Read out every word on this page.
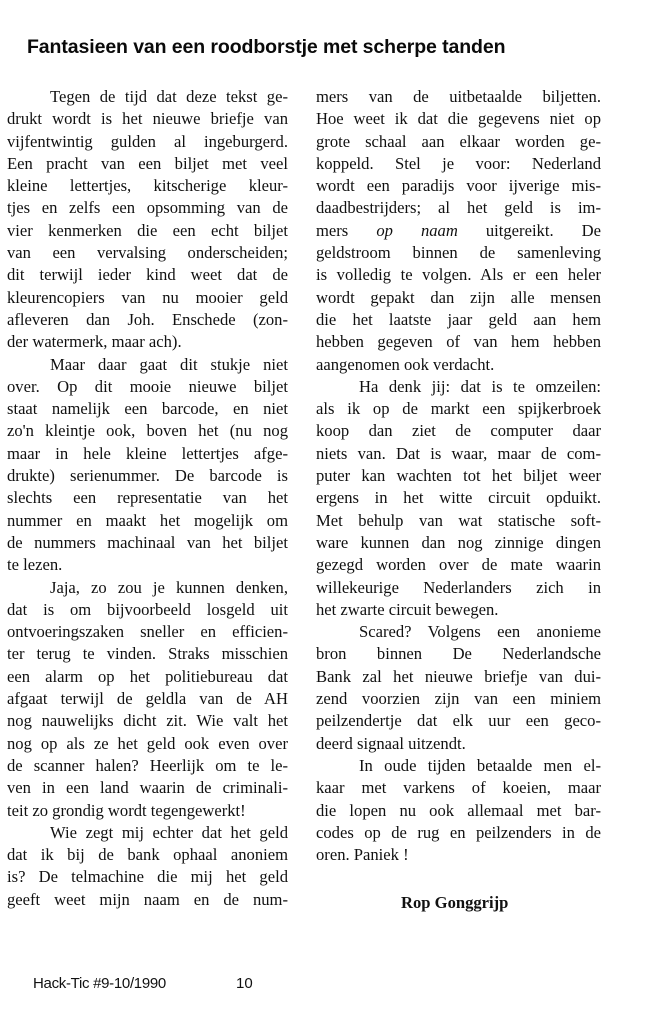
Fantasieen van een roodborstje met scherpe tanden
Tegen de tijd dat deze tekst ge-
drukt wordt is het nieuwe briefje van
vijfentwintig gulden al ingeburgerd.
Een pracht van een biljet met veel
kleine lettertjes, kitscherige kleur-
tjes en zelfs een opsomming van de
vier kenmerken die een echt biljet
van een vervalsing onderscheiden;
dit terwijl ieder kind weet dat de
kleurencopiers van nu mooier geld
afleveren dan Joh. Enschede (zon-
der watermerk, maar ach).
Maar daar gaat dit stukje niet
over. Op dit mooie nieuwe biljet
staat namelijk een barcode, en niet
zo'n kleintje ook, boven het (nu nog
maar in hele kleine lettertjes afge-
drukte) serienummer. De barcode is
slechts een representatie van het
nummer en maakt het mogelijk om
de nummers machinaal van het biljet
te lezen.
Jaja, zo zou je kunnen denken,
dat is om bijvoorbeeld losgeld uit
ontvoeringszaken sneller en efficien-
ter terug te vinden. Straks misschien
een alarm op het politiebureau dat
afgaat terwijl de geldla van de AH
nog nauwelijks dicht zit. Wie valt het
nog op als ze het geld ook even over
de scanner halen? Heerlijk om te le-
ven in een land waarin de criminali-
teit zo grondig wordt tegengewerkt!
Wie zegt mij echter dat het geld
dat ik bij de bank ophaal anoniem
is? De telmachine die mij het geld
geeft weet mijn naam en de num-
mers van de uitbetaalde biljetten.
Hoe weet ik dat die gegevens niet op
grote schaal aan elkaar worden ge-
koppeld. Stel je voor: Nederland
wordt een paradijs voor ijverige mis-
daadbestrijders; al het geld is im-
mers op naam uitgereikt. De
geldstroom binnen de samenleving
is volledig te volgen. Als er een heler
wordt gepakt dan zijn alle mensen
die het laatste jaar geld aan hem
hebben gegeven of van hem hebben
aangenomen ook verdacht.
Ha denk jij: dat is te omzeilen:
als ik op de markt een spijkerbroek
koop dan ziet de computer daar
niets van. Dat is waar, maar de com-
puter kan wachten tot het biljet weer
ergens in het witte circuit opduikt.
Met behulp van wat statische soft-
ware kunnen dan nog zinnige dingen
gezegd worden over de mate waarin
willekeurige Nederlanders zich in
het zwarte circuit bewegen.
Scared? Volgens een anonieme
bron binnen De Nederlandsche
Bank zal het nieuwe briefje van dui-
zend voorzien zijn van een miniem
peilzendertje dat elk uur een geco-
deerd signaal uitzendt.
In oude tijden betaalde men el-
kaar met varkens of koeien, maar
die lopen nu ook allemaal met bar-
codes op de rug en peilzenders in de
oren. Paniek !
Rop Gonggrijp
Hack-Tic #9-10/1990	10
